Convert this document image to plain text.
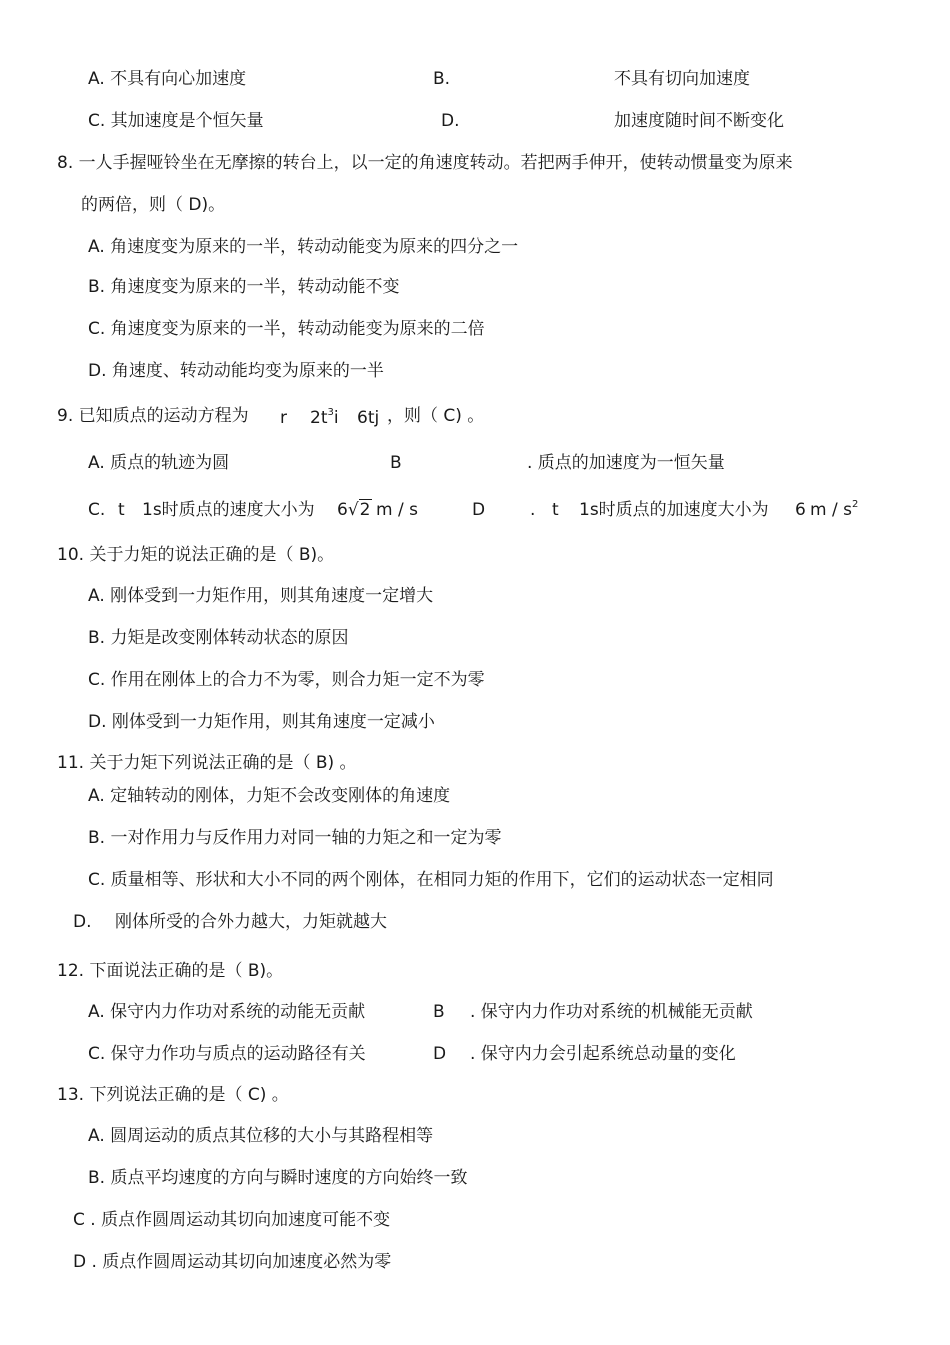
A. 不具有向心加速度	B.	不具有切向加速度
C. 其加速度是个恒矢量	D.	加速度随时间不断变化
8. 一人手握哑铃坐在无摩擦的转台上，以一定的角速度转动。若把两手伸开，使转动惯量变为原来
的两倍，则（ D)。
A. 角速度变为原来的一半，转动动能变为原来的四分之一
B. 角速度变为原来的一半，转动动能不变
C. 角速度变为原来的一半，转动动能变为原来的二倍
D. 角速度、转动动能均变为原来的一半
9. 已知质点的运动方程为 r $2t^3i$ 6tj ，则（ C) 。
A. 质点的轨迹为圆	B	. 质点的加速度为一恒矢量
C. t 1s时质点的速度大小为 6√2 m / s	D	. t 1s时质点的加速度大小为 6 m / $s^2$
10. 关于力矩的说法正确的是（ B)。
A. 刚体受到一力矩作用，则其角速度一定增大
B. 力矩是改变刚体转动状态的原因
C. 作用在刚体上的合力不为零，则合力矩一定不为零
D. 刚体受到一力矩作用，则其角速度一定减小
11. 关于力矩下列说法正确的是（ B) 。
A. 定轴转动的刚体，力矩不会改变刚体的角速度
B. 一对作用力与反作用力对同一轴的力矩之和一定为零
C. 质量相等、形状和大小不同的两个刚体，在相同力矩的作用下，它们的运动状态一定相同
D. 刚体所受的合外力越大，力矩就越大
12. 下面说法正确的是（ B)。
A. 保守内力作功对系统的动能无贡献	B . 保守内力作功对系统的机械能无贡献
C. 保守力作功与质点的运动路径有关	D . 保守内力会引起系统总动量的变化
13. 下列说法正确的是（ C) 。
A. 圆周运动的质点其位移的大小与其路程相等
B. 质点平均速度的方向与瞬时速度的方向始终一致
C . 质点作圆周运动其切向加速度可能不变
D . 质点作圆周运动其切向加速度必然为零
